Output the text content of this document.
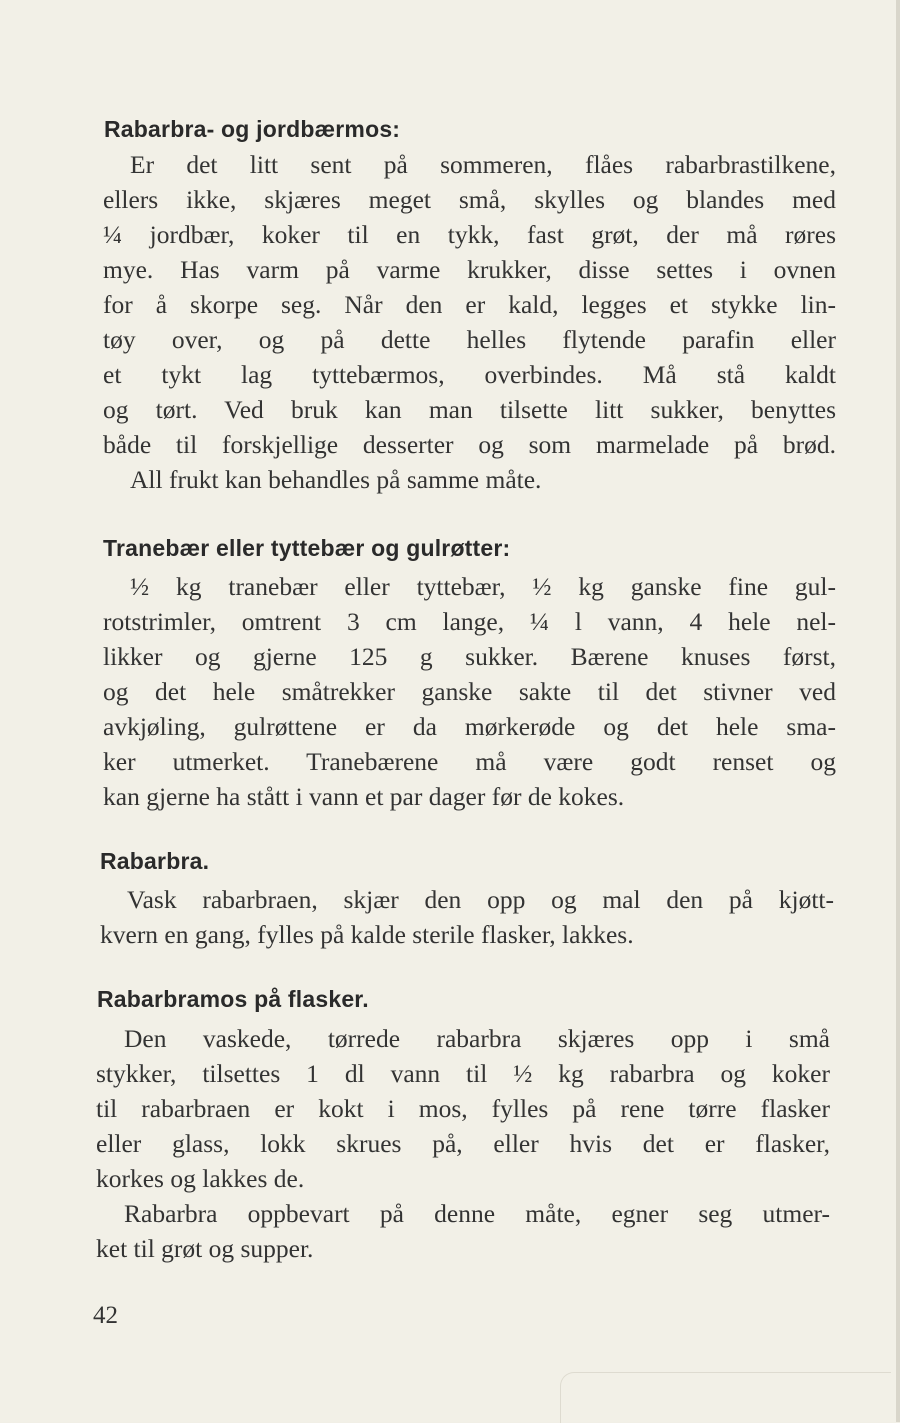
Rabarbra- og jordbærmos:
Er det litt sent på sommeren, flåes rabarbrastilkene,
ellers ikke, skjæres meget små, skylles og blandes med
¼ jordbær, koker til en tykk, fast grøt, der må røres
mye. Has varm på varme krukker, disse settes i ovnen
for å skorpe seg. Når den er kald, legges et stykke lin-
tøy over, og på dette helles flytende parafin eller
et tykt lag tyttebærmos, overbindes. Må stå kaldt
og tørt. Ved bruk kan man tilsette litt sukker, benyttes
både til forskjellige desserter og som marmelade på brød.
All frukt kan behandles på samme måte.
Tranebær eller tyttebær og gulrøtter:
½ kg tranebær eller tyttebær, ½ kg ganske fine gul-
rotstrimler, omtrent 3 cm lange, ¼ l vann, 4 hele nel-
likker og gjerne 125 g sukker. Bærene knuses først,
og det hele småtrekker ganske sakte til det stivner ved
avkjøling, gulrøttene er da mørkerøde og det hele sma-
ker utmerket. Tranebærene må være godt renset og
kan gjerne ha stått i vann et par dager før de kokes.
Rabarbra.
Vask rabarbraen, skjær den opp og mal den på kjøtt-
kvern en gang, fylles på kalde sterile flasker, lakkes.
Rabarbramos på flasker.
Den vaskede, tørrede rabarbra skjæres opp i små
stykker, tilsettes 1 dl vann til ½ kg rabarbra og koker
til rabarbraen er kokt i mos, fylles på rene tørre flasker
eller glass, lokk skrues på, eller hvis det er flasker,
korkes og lakkes de.
Rabarbra oppbevart på denne måte, egner seg utmer-
ket til grøt og supper.
42
